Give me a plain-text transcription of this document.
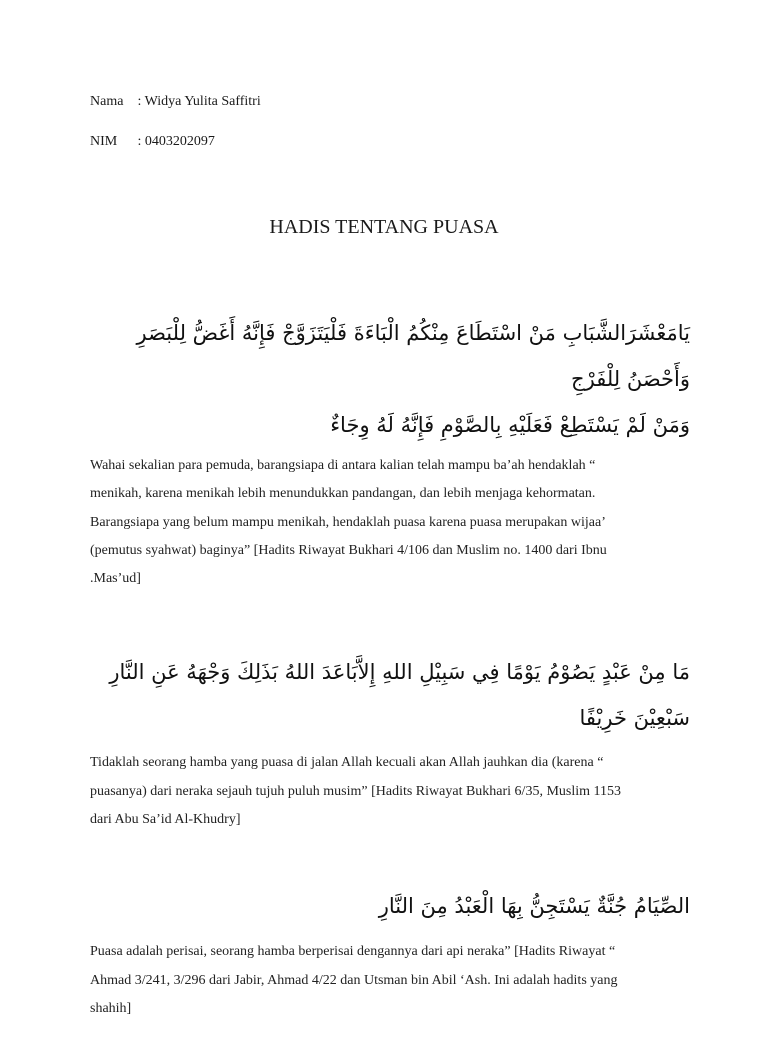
Nama : Widya Yulita Saffitri
NIM : 0403202097
HADIS TENTANG PUASA
يَامَعْشَرَالشَّبَابِ مَنْ اسْتَطَاعَ مِنْكُمُ الْبَاءَةَ فَلْيَتَزَوَّجْ فَإِنَّهُ أَغَضُّ لِلْبَصَرِ وَأَحْصَنُ لِلْفَرْجِ
وَمَنْ لَمْ يَسْتَطِعْ فَعَلَيْهِ بِالصَّوْمِ فَإِنَّهُ لَهُ وِجَاءٌ
Wahai sekalian para pemuda, barangsiapa di antara kalian telah mampu ba’ah hendaklah “
menikah, karena menikah lebih menundukkan pandangan, dan lebih menjaga kehormatan.
Barangsiapa yang belum mampu menikah, hendaklah puasa karena puasa merupakan wijaa’
(pemutus syahwat) baginya” [Hadits Riwayat Bukhari 4/106 dan Muslim no. 1400 dari Ibnu
.Mas’ud]
مَا مِنْ عَبْدٍ يَصُوْمُ يَوْمًا فِي سَبِيْلِ اللهِ إِلاَّبَاعَدَ اللهُ بَذَلِكَ وَجْهَهُ عَنِ النَّارِ سَبْعِيْنَ خَرِيْفًا
Tidaklah seorang hamba yang puasa di jalan Allah kecuali akan Allah jauhkan dia (karena “
puasanya) dari neraka sejauh tujuh puluh musim” [Hadits Riwayat Bukhari 6/35, Muslim 1153
dari Abu Sa’id Al-Khudry]
الصِّيَامُ جُنَّةٌ يَسْتَجِنُّ بِهَا الْعَبْدُ مِنَ النَّارِ
Puasa adalah perisai, seorang hamba berperisai dengannya dari api neraka” [Hadits Riwayat “
Ahmad 3/241, 3/296 dari Jabir, Ahmad 4/22 dan Utsman bin Abil ‘Ash. Ini adalah hadits yang
shahih]
